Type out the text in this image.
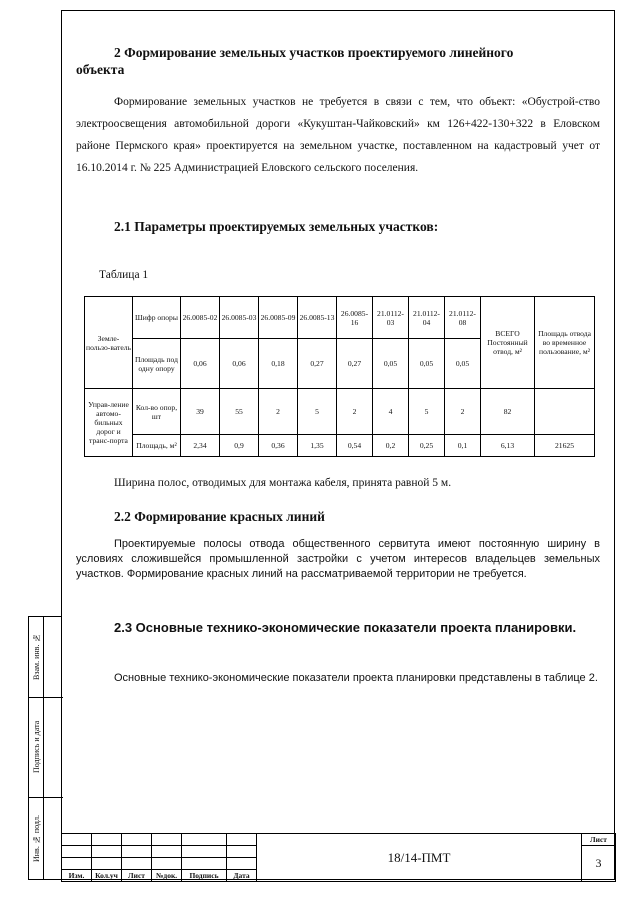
Взам. инв. №
Подпись и дата
Инв. № подл.
2 Формирование земельных участков проектируемого линейного
объекта

Формирование земельных участков не требуется в связи с тем, что объект: «Обустрой-ство электроосвещения автомобильной дороги «Кукуштан-Чайковский» км 126+422-130+322 в Еловском районе Пермского края» проектируется на земельном участке, поставленном на кадастровый учет от 16.10.2014 г. № 225 Администрацией Еловского сельского поселения.

2.1 Параметры проектируемых земельных участков:

Таблица 1

Земле-пользо-ватель	Шифр опоры	26.0085-02	26.0085-03	26.0085-09	26.0085-13	26.0085-16	21.0112-03	21.0112-04	21.0112-08	ВСЕГО Постоянный отвод, м²	Площадь отвода во временное пользование, м²
	Площадь под одну опору	0,06	0,06	0,18	0,27	0,27	0,05	0,05	0,05		
Управ-ление автомо-бильных дорог и транс-порта	Кол-во опор, шт	39	55	2	5	2	4	5	2	82	
	Площадь, м²	2,34	0,9	0,36	1,35	0,54	0,2	0,25	0,1	6,13	21625

Ширина полос, отводимых для монтажа кабеля, принята равной 5 м.

2.2 Формирование красных линий

Проектируемые полосы отвода общественного сервитута имеют постоянную ширину в условиях сложившейся промышленной застройки с учетом интересов владельцев земельных участков. Формирование красных линий на рассматриваемой территории не требуется.

2.3 Основные технико-экономические показатели проекта планировки.

Основные технико-экономические показатели проекта планировки представлены в таблице 2.

						18/14-ПМТ	Лист
							3

Изм.	Кол.уч	Лист	№док.	Подпись	Дата		
